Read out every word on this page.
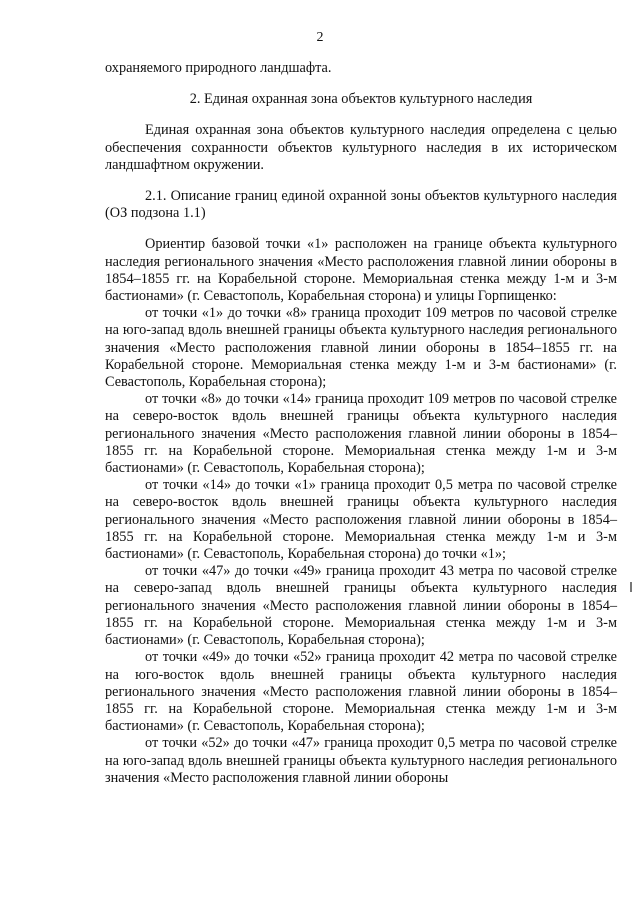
2

охраняемого природного ландшафта.

2. Единая охранная зона объектов культурного наследия

Единая охранная зона объектов культурного наследия определена с целью обеспечения сохранности объектов культурного наследия в их историческом ландшафтном окружении.

2.1. Описание границ единой охранной зоны объектов культурного наследия (ОЗ подзона 1.1)

Ориентир базовой точки «1» расположен на границе объекта культурного наследия регионального значения «Место расположения главной линии обороны в 1854–1855 гг. на Корабельной стороне. Мемориальная стенка между 1-м и 3-м бастионами» (г. Севастополь, Корабельная сторона) и улицы Горпищенко:

от точки «1» до точки «8» граница проходит 109 метров по часовой стрелке на юго-запад вдоль внешней границы объекта культурного наследия регионального значения «Место расположения главной линии обороны в 1854–1855 гг. на Корабельной стороне. Мемориальная стенка между 1-м и 3-м бастионами» (г. Севастополь, Корабельная сторона);

от точки «8» до точки «14» граница проходит 109 метров по часовой стрелке на северо-восток вдоль внешней границы объекта культурного наследия регионального значения «Место расположения главной линии обороны в 1854–1855 гг. на Корабельной стороне. Мемориальная стенка между 1-м и 3-м бастионами» (г. Севастополь, Корабельная сторона);

от точки «14» до точки «1» граница проходит 0,5 метра по часовой стрелке на северо-восток вдоль внешней границы объекта культурного наследия регионального значения «Место расположения главной линии обороны в 1854–1855 гг. на Корабельной стороне. Мемориальная стенка между 1-м и 3-м бастионами» (г. Севастополь, Корабельная сторона) до точки «1»;

от точки «47» до точки «49» граница проходит 43 метра по часовой стрелке на северо-запад вдоль внешней границы объекта культурного наследия регионального значения «Место расположения главной линии обороны в 1854–1855 гг. на Корабельной стороне. Мемориальная стенка между 1-м и 3-м бастионами» (г. Севастополь, Корабельная сторона);

от точки «49» до точки «52» граница проходит 42 метра по часовой стрелке на юго-восток вдоль внешней границы объекта культурного наследия регионального значения «Место расположения главной линии обороны в 1854–1855 гг. на Корабельной стороне. Мемориальная стенка между 1-м и 3-м бастионами» (г. Севастополь, Корабельная сторона);

от точки «52» до точки «47» граница проходит 0,5 метра по часовой стрелке на юго-запад вдоль внешней границы объекта культурного наследия регионального значения «Место расположения главной линии обороны
